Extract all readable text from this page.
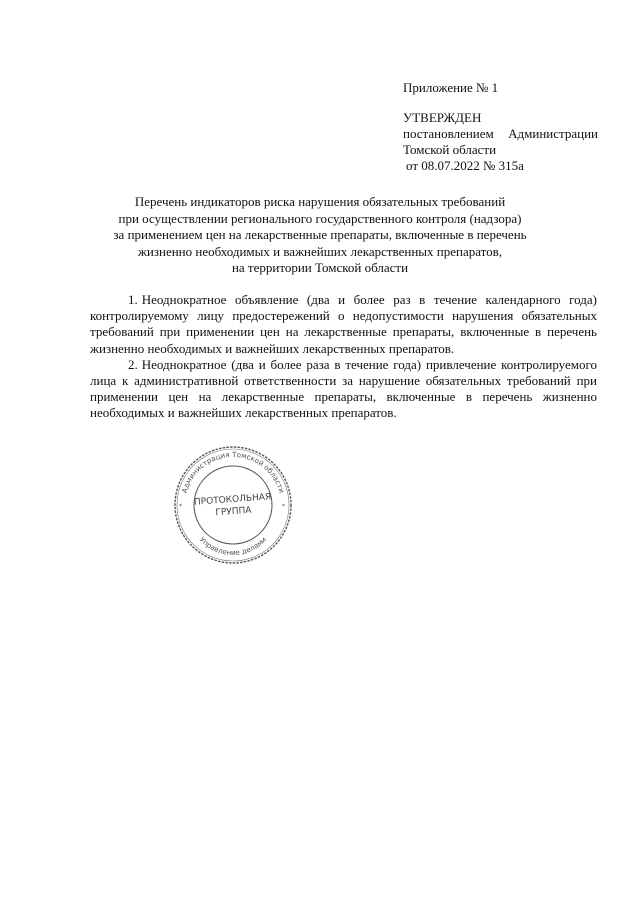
Приложение № 1
УТВЕРЖДЕН
постановлением Администрации
Томской области
от 08.07.2022 № 315а
Перечень индикаторов риска нарушения обязательных требований
при осуществлении регионального государственного контроля (надзора)
за применением цен на лекарственные препараты, включенные в перечень
жизненно необходимых и важнейших лекарственных препаратов,
на территории Томской области

1. Неоднократное объявление (два и более раз в течение календарного года) контролируемому лицу предостережений о недопустимости нарушения обязательных требований при применении цен на лекарственные препараты, включенные в перечень жизненно необходимых и важнейших лекарственных препаратов.

2. Неоднократное (два и более раза в течение года) привлечение контролируемого лица к административной ответственности за нарушение обязательных требований при применении цен на лекарственные препараты, включенные в перечень жизненно необходимых и важнейших лекарственных препаратов.

Администрация Томской области
Управление делами
ПРОТОКОЛЬНАЯ
ГРУППА
*	*
